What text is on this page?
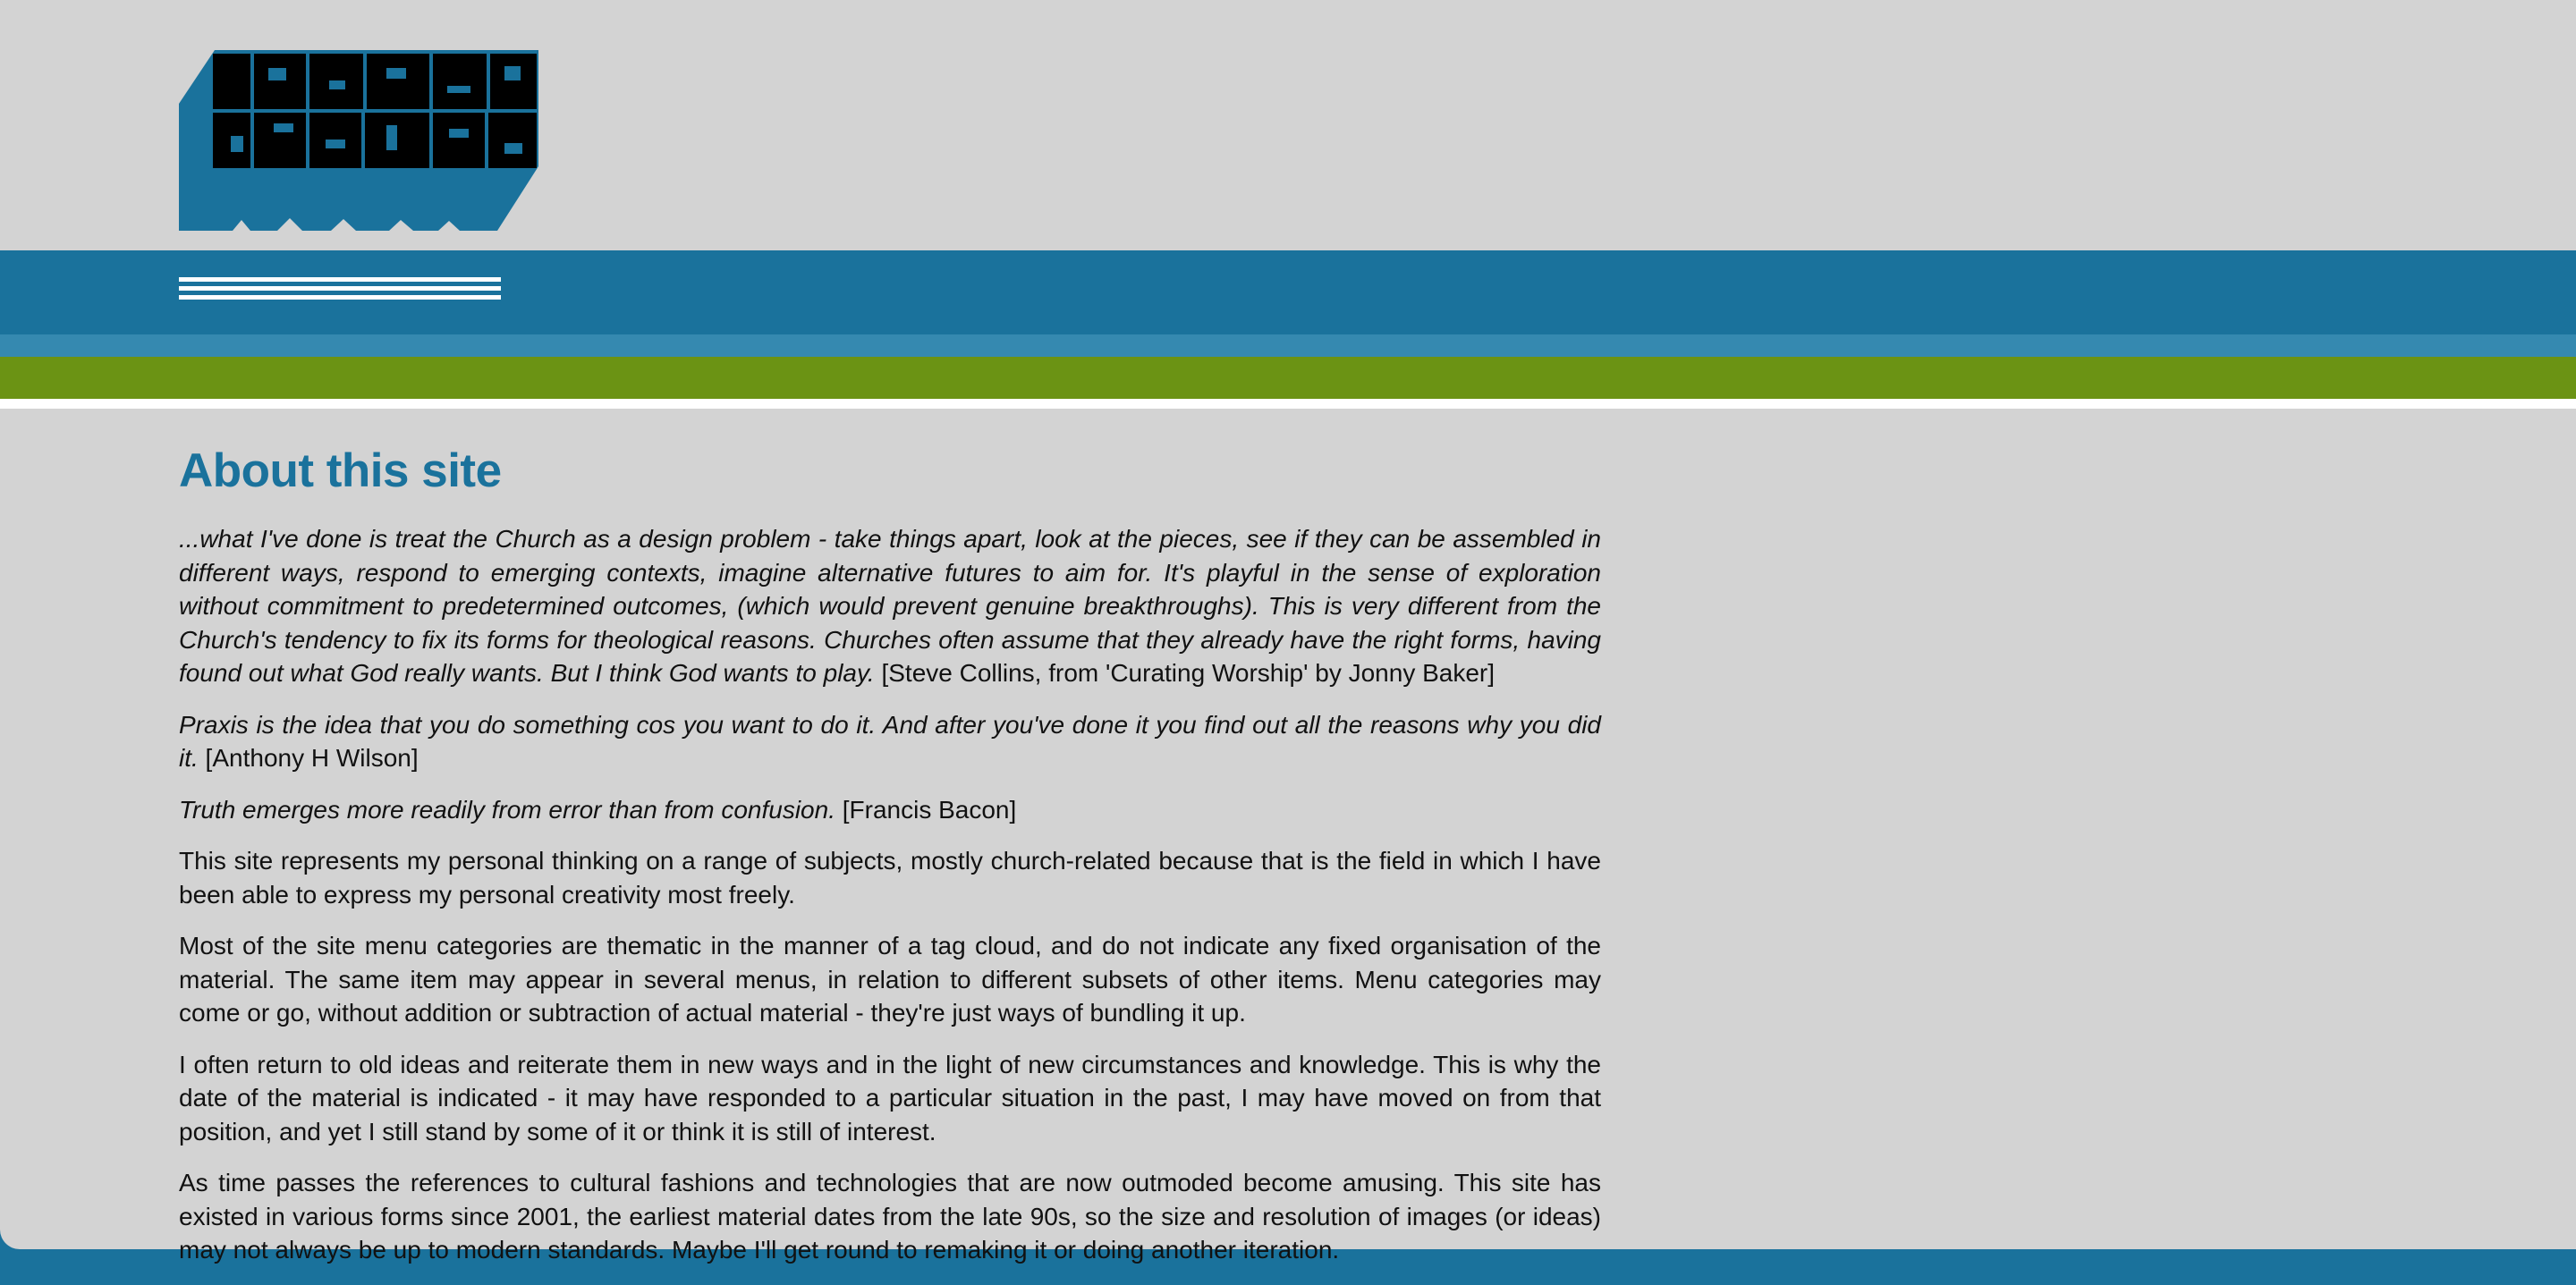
About this site

...what I've done is treat the Church as a design problem - take things apart, look at the pieces, see if they can be assembled in different ways, respond to emerging contexts, imagine alternative futures to aim for. It's playful in the sense of exploration without commitment to predetermined outcomes, (which would prevent genuine breakthroughs). This is very different from the Church's tendency to fix its forms for theological reasons. Churches often assume that they already have the right forms, having found out what God really wants. But I think God wants to play. [Steve Collins, from 'Curating Worship' by Jonny Baker]

Praxis is the idea that you do something cos you want to do it. And after you've done it you find out all the reasons why you did it. [Anthony H Wilson]

Truth emerges more readily from error than from confusion. [Francis Bacon]

This site represents my personal thinking on a range of subjects, mostly church-related because that is the field in which I have been able to express my personal creativity most freely.

Most of the site menu categories are thematic in the manner of a tag cloud, and do not indicate any fixed organisation of the material. The same item may appear in several menus, in relation to different subsets of other items. Menu categories may come or go, without addition or subtraction of actual material - they're just ways of bundling it up.

I often return to old ideas and reiterate them in new ways and in the light of new circumstances and knowledge. This is why the date of the material is indicated - it may have responded to a particular situation in the past, I may have moved on from that position, and yet I still stand by some of it or think it is still of interest.

As time passes the references to cultural fashions and technologies that are now outmoded become amusing. This site has existed in various forms since 2001, the earliest material dates from the late 90s, so the size and resolution of images (or ideas) may not always be up to modern standards. Maybe I'll get round to remaking it or doing another iteration.
